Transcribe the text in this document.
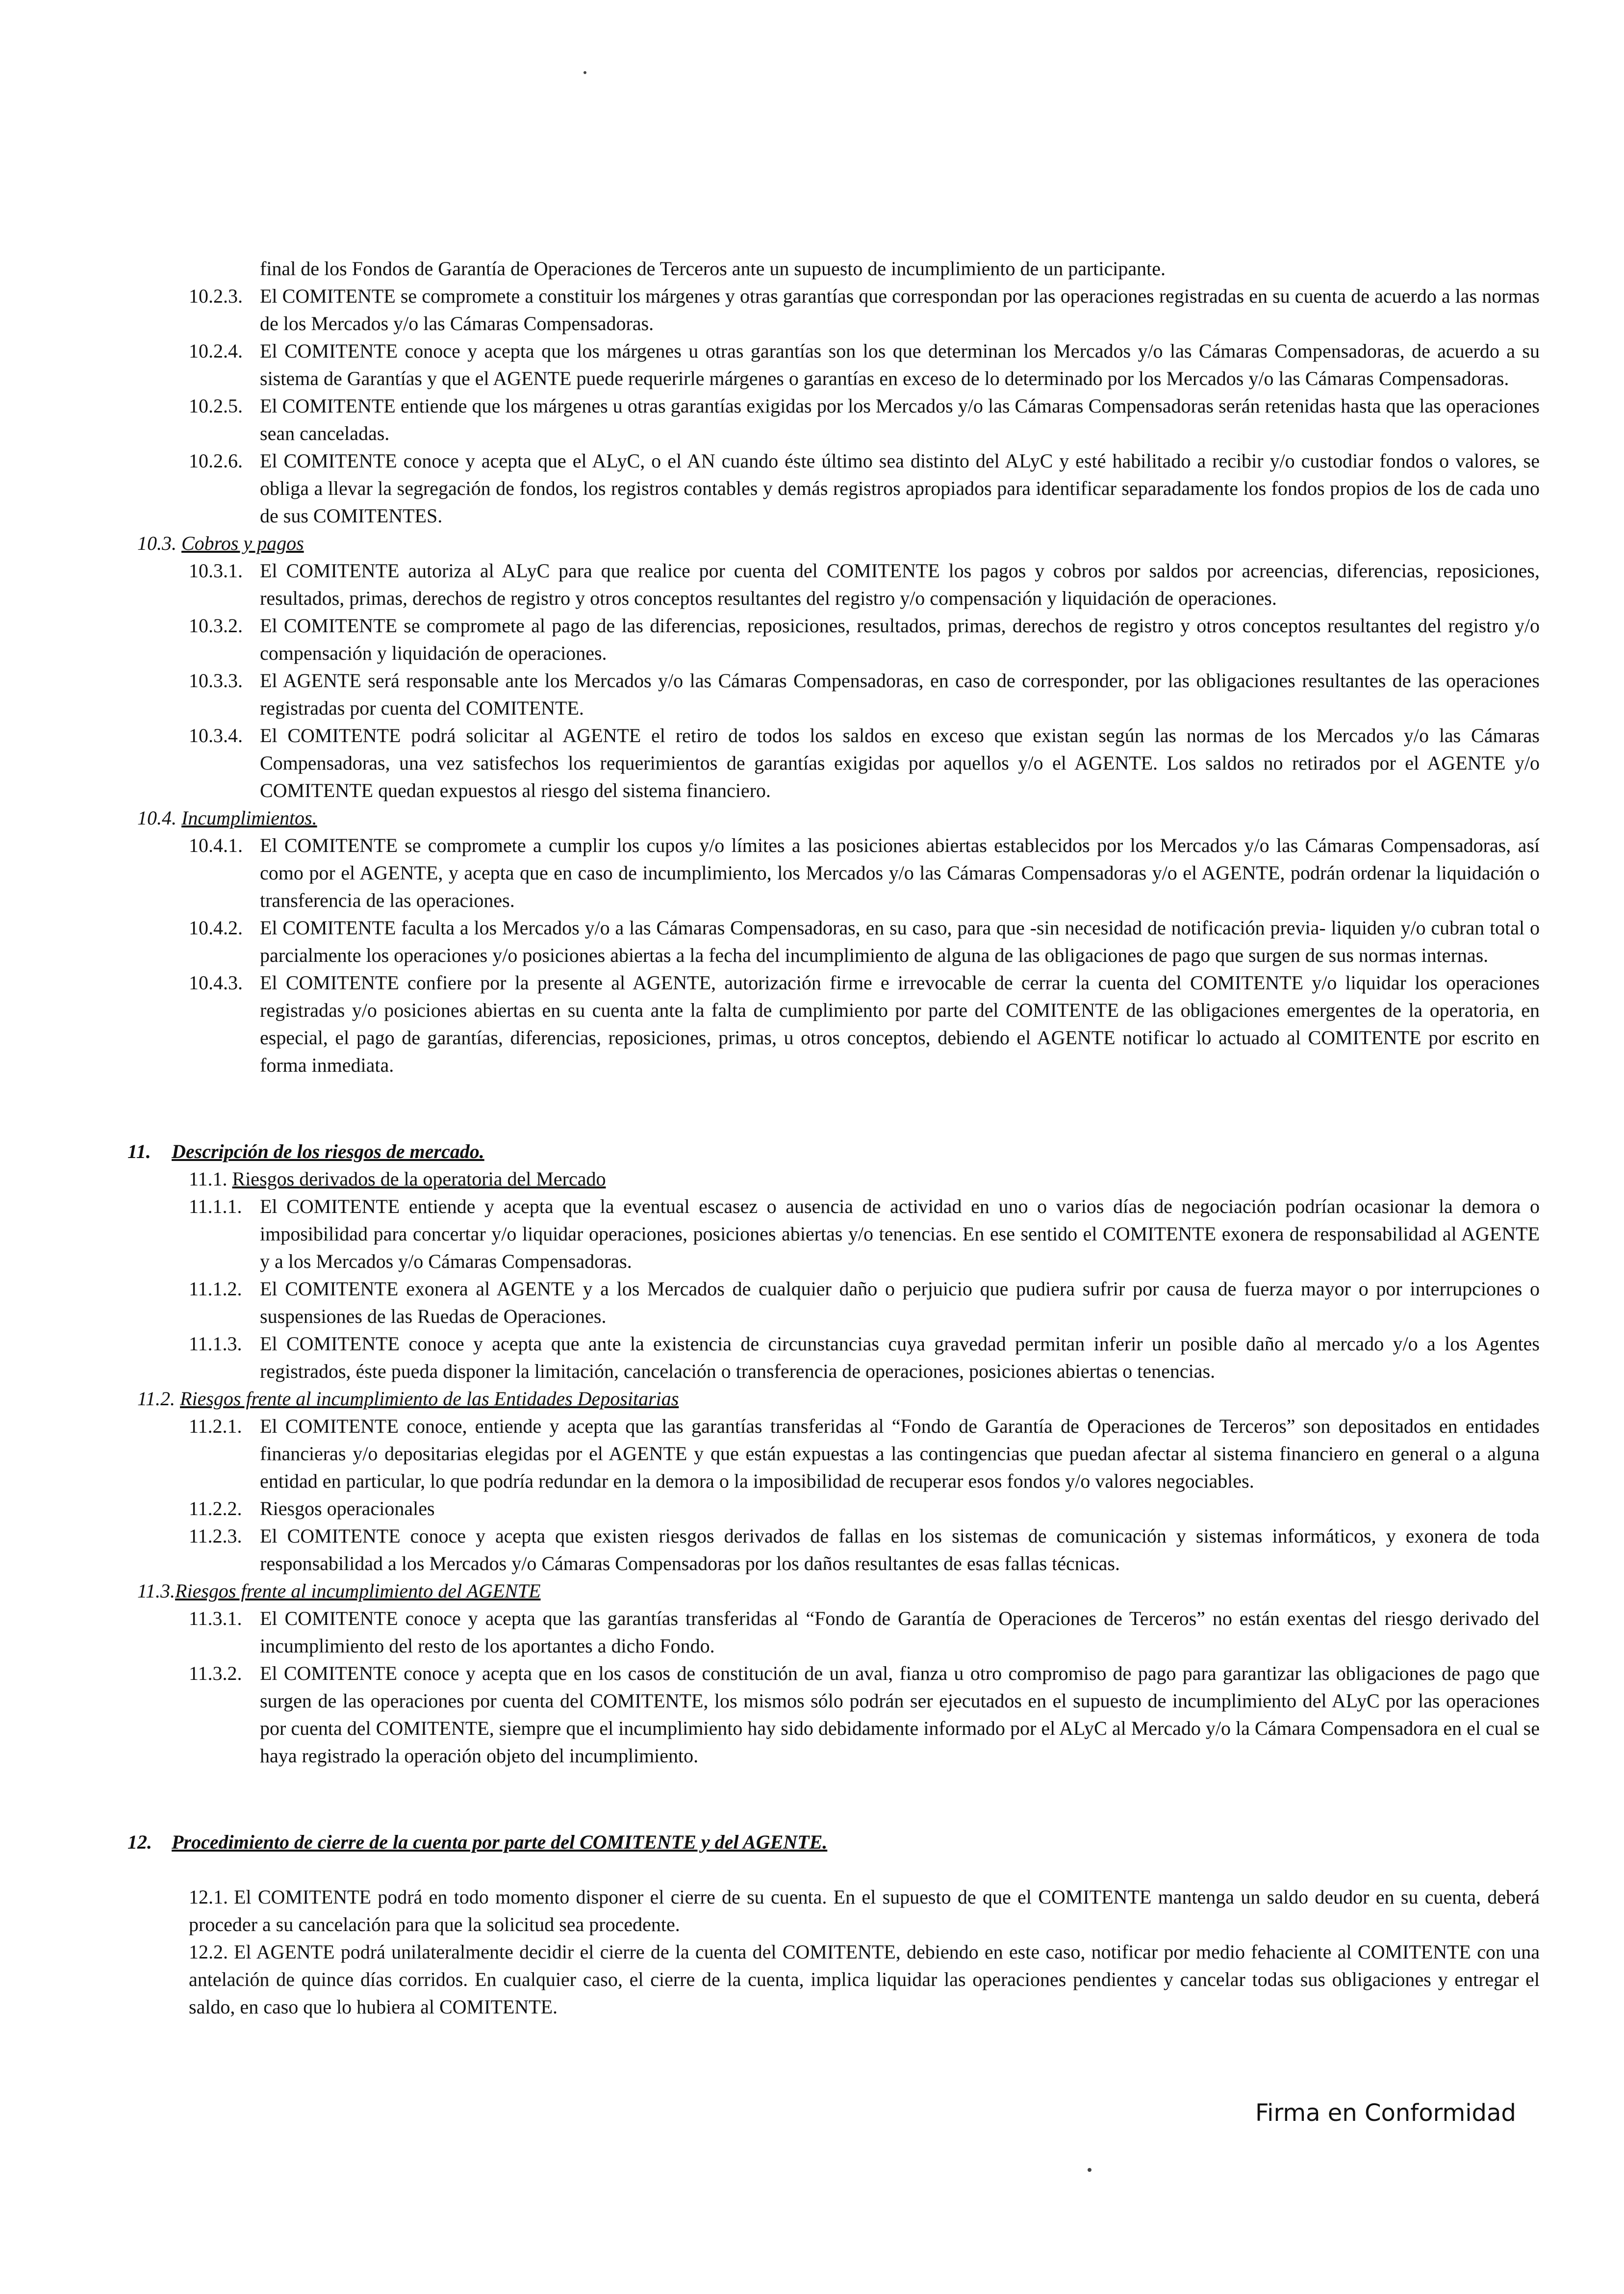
final de los Fondos de Garantía de Operaciones de Terceros ante un supuesto de incumplimiento de un participante.

10.2.3. El COMITENTE se compromete a constituir los márgenes y otras garantías que correspondan por las operaciones registradas en su cuenta de acuerdo a las normas de los Mercados y/o las Cámaras Compensadoras.

10.2.4. El COMITENTE conoce y acepta que los márgenes u otras garantías son los que determinan los Mercados y/o las Cámaras Compensadoras, de acuerdo a su sistema de Garantías y que el AGENTE puede requerirle márgenes o garantías en exceso de lo determinado por los Mercados y/o las Cámaras Compensadoras.

10.2.5. El COMITENTE entiende que los márgenes u otras garantías exigidas por los Mercados y/o las Cámaras Compensadoras serán retenidas hasta que las operaciones sean canceladas.

10.2.6. El COMITENTE conoce y acepta que el ALyC, o el AN cuando éste último sea distinto del ALyC y esté habilitado a recibir y/o custodiar fondos o valores, se obliga a llevar la segregación de fondos, los registros contables y demás registros apropiados para identificar separadamente los fondos propios de los de cada uno de sus COMITENTES.

10.3. Cobros y pagos

10.3.1. El COMITENTE autoriza al ALyC para que realice por cuenta del COMITENTE los pagos y cobros por saldos por acreencias, diferencias, reposiciones, resultados, primas, derechos de registro y otros conceptos resultantes del registro y/o compensación y liquidación de operaciones.

10.3.2. El COMITENTE se compromete al pago de las diferencias, reposiciones, resultados, primas, derechos de registro y otros conceptos resultantes del registro y/o compensación y liquidación de operaciones.

10.3.3. El AGENTE será responsable ante los Mercados y/o las Cámaras Compensadoras, en caso de corresponder, por las obligaciones resultantes de las operaciones registradas por cuenta del COMITENTE.

10.3.4. El COMITENTE podrá solicitar al AGENTE el retiro de todos los saldos en exceso que existan según las normas de los Mercados y/o las Cámaras Compensadoras, una vez satisfechos los requerimientos de garantías exigidas por aquellos y/o el AGENTE. Los saldos no retirados por el AGENTE y/o COMITENTE quedan expuestos al riesgo del sistema financiero.

10.4. Incumplimientos.

10.4.1. El COMITENTE se compromete a cumplir los cupos y/o límites a las posiciones abiertas establecidos por los Mercados y/o las Cámaras Compensadoras, así como por el AGENTE, y acepta que en caso de incumplimiento, los Mercados y/o las Cámaras Compensadoras y/o el AGENTE, podrán ordenar la liquidación o transferencia de las operaciones.

10.4.2. El COMITENTE faculta a los Mercados y/o a las Cámaras Compensadoras, en su caso, para que -sin necesidad de notificación previa- liquiden y/o cubran total o parcialmente los operaciones y/o posiciones abiertas a la fecha del incumplimiento de alguna de las obligaciones de pago que surgen de sus normas internas.

10.4.3. El COMITENTE confiere por la presente al AGENTE, autorización firme e irrevocable de cerrar la cuenta del COMITENTE y/o liquidar los operaciones registradas y/o posiciones abiertas en su cuenta ante la falta de cumplimiento por parte del COMITENTE de las obligaciones emergentes de la operatoria, en especial, el pago de garantías, diferencias, reposiciones, primas, u otros conceptos, debiendo el AGENTE notificar lo actuado al COMITENTE por escrito en forma inmediata.

11. Descripción de los riesgos de mercado.

11.1. Riesgos derivados de la operatoria del Mercado

11.1.1. El COMITENTE entiende y acepta que la eventual escasez o ausencia de actividad en uno o varios días de negociación podrían ocasionar la demora o imposibilidad para concertar y/o liquidar operaciones, posiciones abiertas y/o tenencias. En ese sentido el COMITENTE exonera de responsabilidad al AGENTE y a los Mercados y/o Cámaras Compensadoras.

11.1.2. El COMITENTE exonera al AGENTE y a los Mercados de cualquier daño o perjuicio que pudiera sufrir por causa de fuerza mayor o por interrupciones o suspensiones de las Ruedas de Operaciones.

11.1.3. El COMITENTE conoce y acepta que ante la existencia de circunstancias cuya gravedad permitan inferir un posible daño al mercado y/o a los Agentes registrados, éste pueda disponer la limitación, cancelación o transferencia de operaciones, posiciones abiertas o tenencias.

11.2. Riesgos frente al incumplimiento de las Entidades Depositarias

11.2.1. El COMITENTE conoce, entiende y acepta que las garantías transferidas al “Fondo de Garantía de Operaciones de Terceros” son depositados en entidades financieras y/o depositarias elegidas por el AGENTE y que están expuestas a las contingencias que puedan afectar al sistema financiero en general o a alguna entidad en particular, lo que podría redundar en la demora o la imposibilidad de recuperar esos fondos y/o valores negociables.

11.2.2. Riesgos operacionales

11.2.3. El COMITENTE conoce y acepta que existen riesgos derivados de fallas en los sistemas de comunicación y sistemas informáticos, y exonera de toda responsabilidad a los Mercados y/o Cámaras Compensadoras por los daños resultantes de esas fallas técnicas.

11.3.Riesgos frente al incumplimiento del AGENTE

11.3.1. El COMITENTE conoce y acepta que las garantías transferidas al “Fondo de Garantía de Operaciones de Terceros” no están exentas del riesgo derivado del incumplimiento del resto de los aportantes a dicho Fondo.

11.3.2. El COMITENTE conoce y acepta que en los casos de constitución de un aval, fianza u otro compromiso de pago para garantizar las obligaciones de pago que surgen de las operaciones por cuenta del COMITENTE, los mismos sólo podrán ser ejecutados en el supuesto de incumplimiento del ALyC por las operaciones por cuenta del COMITENTE, siempre que el incumplimiento hay sido debidamente informado por el ALyC al Mercado y/o la Cámara Compensadora en el cual se haya registrado la operación objeto del incumplimiento.

12. Procedimiento de cierre de la cuenta por parte del COMITENTE y del AGENTE.

12.1. El COMITENTE podrá en todo momento disponer el cierre de su cuenta. En el supuesto de que el COMITENTE mantenga un saldo deudor en su cuenta, deberá proceder a su cancelación para que la solicitud sea procedente.

12.2. El AGENTE podrá unilateralmente decidir el cierre de la cuenta del COMITENTE, debiendo en este caso, notificar por medio fehaciente al COMITENTE con una antelación de quince días corridos. En cualquier caso, el cierre de la cuenta, implica liquidar las operaciones pendientes y cancelar todas sus obligaciones y entregar el saldo, en caso que lo hubiera al COMITENTE.

Firma en Conformidad
